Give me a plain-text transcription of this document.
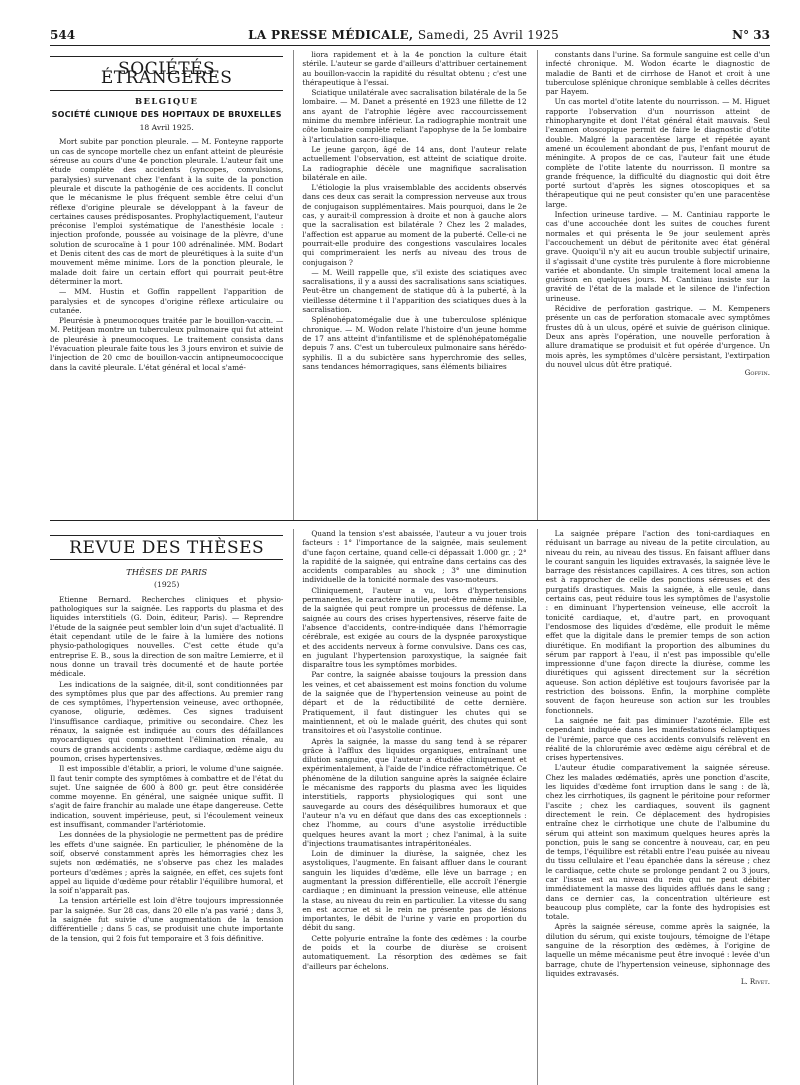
544	LA PRESSE MÉDICALE, Samedi, 25 Avril 1925	N° 33
SOCIÉTÉS ÉTRANGÈRES
BELGIQUE
SOCIÉTÉ CLINIQUE DES HOPITAUX DE BRUXELLES
18 Avril 1925.

Mort subite par ponction pleurale. — M. Fonteyne rapporte un cas de syncope mortelle chez un enfant atteint de pleurésie séreuse au cours d'une 4e ponction pleurale. L'auteur fait une étude complète des accidents (syncopes, convulsions, paralysies) survenant chez l'enfant à la suite de la ponction pleurale et discute la pathogénie de ces accidents. Il conclut que le mécanisme le plus fréquent semble être celui d'un réflexe d'origine pleurale se développant à la faveur de certaines causes prédisposantes. Prophylactiquement, l'auteur préconise l'emploi systématique de l'anesthésie locale : injection profonde, poussée au voisinage de la plèvre, d'une solution de scurocaïne à 1 pour 100 adrénalinée. MM. Bodart et Denis citent des cas de mort de pleurétiques à la suite d'un mouvement même minime. Lors de la ponction pleurale, le malade doit faire un certain effort qui pourrait peut-être déterminer la mort.

— MM. Hustin et Goffin rappellent l'apparition de paralysies et de syncopes d'origine réflexe articulaire ou cutanée.

Pleurésie à pneumocoques traitée par le bouillon-vaccin. — M. Petitjean montre un tuberculeux pulmonaire qui fut atteint de pleurésie à pneumocoques. Le traitement consista dans l'évacuation pleurale faite tous les 3 jours environ et suivie de l'injection de 20 cmc de bouillon-vaccin antipneumococcique dans la cavité pleurale. L'état général et local s'amé-

liora rapidement et à la 4e ponction la culture était stérile. L'auteur se garde d'ailleurs d'attribuer certainement au bouillon-vaccin la rapidité du résultat obtenu ; c'est une thérapeutique à l'essai.

Sciatique unilatérale avec sacralisation bilatérale de la 5e lombaire. — M. Danet a présenté en 1923 une fillette de 12 ans ayant de l'atrophie légère avec raccourcissement minime du membre inférieur. La radiographie montrait une côte lombaire complète reliant l'apophyse de la 5e lombaire à l'articulation sacro-iliaque.

Le jeune garçon, âgé de 14 ans, dont l'auteur relate actuellement l'observation, est atteint de sciatique droite. La radiographie décèle une magnifique sacralisation bilatérale en aile.

L'étiologie la plus vraisemblable des accidents observés dans ces deux cas serait la compression nerveuse aux trous de conjugaison supplémentaires. Mais pourquoi, dans le 2e cas, y aurait-il compression à droite et non à gauche alors que la sacralisation est bilatérale ? Chez les 2 malades, l'affection est apparue au moment de la puberté. Celle-ci ne pourrait-elle produire des congestions vasculaires locales qui comprimeraient les nerfs au niveau des trous de conjugaison ?

— M. Weill rappelle que, s'il existe des sciatiques avec sacralisations, il y a aussi des sacralisations sans sciatiques. Peut-être un changement de statique dû à la puberté, à la vieillesse détermine t il l'apparition des sciatiques dues à la sacralisation.

Splénohépatomégalie due à une tuberculose splénique chronique. — M. Wodon relate l'histoire d'un jeune homme de 17 ans atteint d'infantilisme et de splénohépatomégalie depuis 7 ans. C'est un tuberculeux pulmonaire sans hérédo-syphilis. Il a du subictère sans hyperchromie des selles, sans tendances hémorragiques, sans éléments biliaires

constants dans l'urine. Sa formule sanguine est celle d'un infecté chronique. M. Wodon écarte le diagnostic de maladie de Banti et de cirrhose de Hanot et croit à une tuberculose splénique chronique semblable à celles décrites par Hayem.

Un cas mortel d'otite latente du nourrisson. — M. Higuet rapporte l'observation d'un nourrisson atteint de rhinopharyngite et dont l'état général était mauvais. Seul l'examen otoscopique permit de faire le diagnostic d'otite double. Malgré la paracentèse large et répétée ayant amené un écoulement abondant de pus, l'enfant mourut de méningite. A propos de ce cas, l'auteur fait une étude complète de l'otite latente du nourrisson. Il montre sa grande fréquence, la difficulté du diagnostic qui doit être porté surtout d'après les signes otoscopiques et sa thérapeutique qui ne peut consister qu'en une paracentèse large.

Infection urineuse tardive. — M. Cantiniau rapporte le cas d'une accouchée dont les suites de couches furent normales et qui présenta le 9e jour seulement après l'accouchement un début de péritonite avec état général grave. Quoiqu'il n'y ait eu aucun trouble subjectif urinaire, il s'agissait d'une cystite très purulente à flore microbienne variée et abondante. Un simple traitement local amena la guérison en quelques jours. M. Cantiniau insiste sur la gravité de l'état de la malade et le silence de l'infection urineuse.

Récidive de perforation gastrique. — M. Kempeners présente un cas de perforation stomacale avec symptômes frustes dû à un ulcus, opéré et suivie de guérison clinique. Deux ans après l'opération, une nouvelle perforation à allure dramatique se produisit et fut opérée d'urgence. Un mois après, les symptômes d'ulcère persistant, l'extirpation du nouvel ulcus dût être pratiqué.

Goffin.
REVUE DES THÈSES
THÈSES DE PARIS
(1925)

Etienne Bernard. Recherches cliniques et physio-pathologiques sur la saignée. Les rapports du plasma et des liquides interstitiels (G. Doin, éditeur, Paris). — Reprendre l'étude de la saignée peut sembler loin d'un sujet d'actualité. Il était cependant utile de le faire à la lumière des notions physio-pathologiques nouvelles. C'est cette étude qu'a entreprise E. B., sous la direction de son maître Lemierre, et il nous donne un travail très documenté et de haute portée médicale.

Les indications de la saignée, dit-il, sont conditionnées par des symptômes plus que par des affections. Au premier rang de ces symptômes, l'hypertension veineuse, avec orthopnée, cyanose, oligurie, œdèmes. Ces signes traduisent l'insuffisance cardiaque, primitive ou secondaire. Chez les rénaux, la saignée est indiquée au cours des défaillances myocardiques qui compromettent l'élimination rénale, au cours de grands accidents : asthme cardiaque, œdème aigu du poumon, crises hypertensives.

Il est impossible d'établir, a priori, le volume d'une saignée. Il faut tenir compte des symptômes à combattre et de l'état du sujet. Une saignée de 600 à 800 gr. peut être considérée comme moyenne. En général, une saignée unique suffit. Il s'agit de faire franchir au malade une étape dangereuse. Cette indication, souvent impérieuse, peut, si l'écoulement veineux est insuffisant, commander l'artériotomie.

Les données de la physiologie ne permettent pas de prédire les effets d'une saignée. En particulier, le phénomène de la soif, observé constamment après les hémorragies chez les sujets non œdématiés, ne s'observe pas chez les malades porteurs d'œdèmes ; après la saignée, en effet, ces sujets font appel au liquide d'œdème pour rétablir l'équilibre humoral, et la soif n'apparaît pas.

La tension artérielle est loin d'être toujours impressionnée par la saignée. Sur 28 cas, dans 20 elle n'a pas varié ; dans 3, la saignée fut suivie d'une augmentation de la tension différentielle ; dans 5 cas, se produisit une chute importante de la tension, qui 2 fois fut temporaire et 3 fois définitive.

Quand la tension s'est abaissée, l'auteur a vu jouer trois facteurs : 1° l'importance de la saignée, mais seulement d'une façon certaine, quand celle-ci dépassait 1.000 gr. ; 2° la rapidité de la saignée, qui entraîne dans certains cas des accidents comparables au shock ; 3° une diminution individuelle de la tonicité normale des vaso-moteurs.

Cliniquement, l'auteur a vu, lors d'hypertensions permanentes, le caractère inutile, peut-être même nuisible, de la saignée qui peut rompre un processus de défense. La saignée au cours des crises hypertensives, réserve faite de l'absence d'accidents, contre-indiquée dans l'hémorragie cérébrale, est exigée au cours de la dyspnée paroxystique et des accidents nerveux à forme convulsive. Dans ces cas, en jugulant l'hypertension paroxystique, la saignée fait disparaître tous les symptômes morbides.

Par contre, la saignée abaisse toujours la pression dans les veines, et cet abaissement est moins fonction du volume de la saignée que de l'hypertension veineuse au point de départ et de la réductibilité de cette dernière. Pratiquement, il faut distinguer les chutes qui se maintiennent, et où le malade guérit, des chutes qui sont transitoires et où l'asystolie continue.

Après la saignée, la masse du sang tend à se réparer grâce à l'afflux des liquides organiques, entraînant une dilution sanguine, que l'auteur a étudiée cliniquement et expérimentalement, à l'aide de l'indice réfractométrique. Ce phénomène de la dilution sanguine après la saignée éclaire le mécanisme des rapports du plasma avec les liquides interstitiels, rapports physiologiques qui sont une sauvegarde au cours des déséquilibres humoraux et que l'auteur n'a vu en défaut que dans des cas exceptionnels : chez l'homme, au cours d'une asystolie irréductible quelques heures avant la mort ; chez l'animal, à la suite d'injections traumatisantes intrapéritonéales.

Loin de diminuer la diurèse, la saignée, chez les asystoliques, l'augmente. En faisant affluer dans le courant sanguin les liquides d'œdème, elle lève un barrage ; en augmentant la pression différentielle, elle accroît l'énergie cardiaque ; en diminuant la pression veineuse, elle atténue la stase, au niveau du rein en particulier. La vitesse du sang en est accrue et si le rein ne présente pas de lésions importantes, le débit de l'urine y varie en proportion du débit du sang.

Cette polyurie entraîne la fonte des œdèmes : la courbe de poids et la courbe de diurèse se croisent automatiquement. La résorption des œdèmes se fait d'ailleurs par échelons.

La saignée prépare l'action des toni-cardiaques en réduisant un barrage au niveau de la petite circulation, au niveau du rein, au niveau des tissus. En faisant affluer dans le courant sanguin les liquides extravasés, la saignée lève le barrage des résistances capillaires. A ces titres, son action est à rapprocher de celle des ponctions séreuses et des purgatifs drastiques. Mais la saignée, à elle seule, dans certains cas, peut réduire tous les symptômes de l'asystolie : en diminuant l'hypertension veineuse, elle accroît la tonicité cardiaque, et, d'autre part, en provoquant l'endosmose des liquides d'œdème, elle produit le même effet que la digitale dans le premier temps de son action diurétique. En modifiant la proportion des albumines du sérum par rapport à l'eau, il n'est pas impossible qu'elle impressionne d'une façon directe la diurèse, comme les diurétiques qui agissent directement sur la sécrétion aqueuse. Son action déplétive est toujours favorisée par la restriction des boissons. Enfin, la morphine complète souvent de façon heureuse son action sur les troubles fonctionnels.

La saignée ne fait pas diminuer l'azotémie. Elle est cependant indiquée dans les manifestations éclamptiques de l'urémie, parce que ces accidents convulsifs relèvent en réalité de la chlorurémie avec œdème aigu cérébral et de crises hypertensives.

L'auteur étudie comparativement la saignée séreuse. Chez les malades œdématiés, après une ponction d'ascite, les liquides d'œdème font irruption dans le sang : de là, chez les cirrhotiques, ils gagnent le péritoine pour reformer l'ascite ; chez les cardiaques, souvent ils gagnent directement le rein. Ce déplacement des hydropisies entraîne chez le cirrhotique une chute de l'albumine du sérum qui atteint son maximum quelques heures après la ponction, puis le sang se concentre à nouveau, car, en peu de temps, l'équilibre est rétabli entre l'eau puisée au niveau du tissu cellulaire et l'eau épanchée dans la séreuse ; chez le cardiaque, cette chute se prolonge pendant 2 ou 3 jours, car l'issue est au niveau du rein qui ne peut débiter immédiatement la masse des liquides afflués dans le sang ; dans ce dernier cas, la concentration ultérieure est beaucoup plus complète, car la fonte des hydropisies est totale.

Après la saignée séreuse, comme après la saignée, la dilution du sérum, qui existe toujours, témoigne de l'étape sanguine de la résorption des œdèmes, à l'origine de laquelle un même mécanisme peut être invoqué : levée d'un barrage, chute de l'hypertension veineuse, siphonnage des liquides extravasés.

L. Rivet.
